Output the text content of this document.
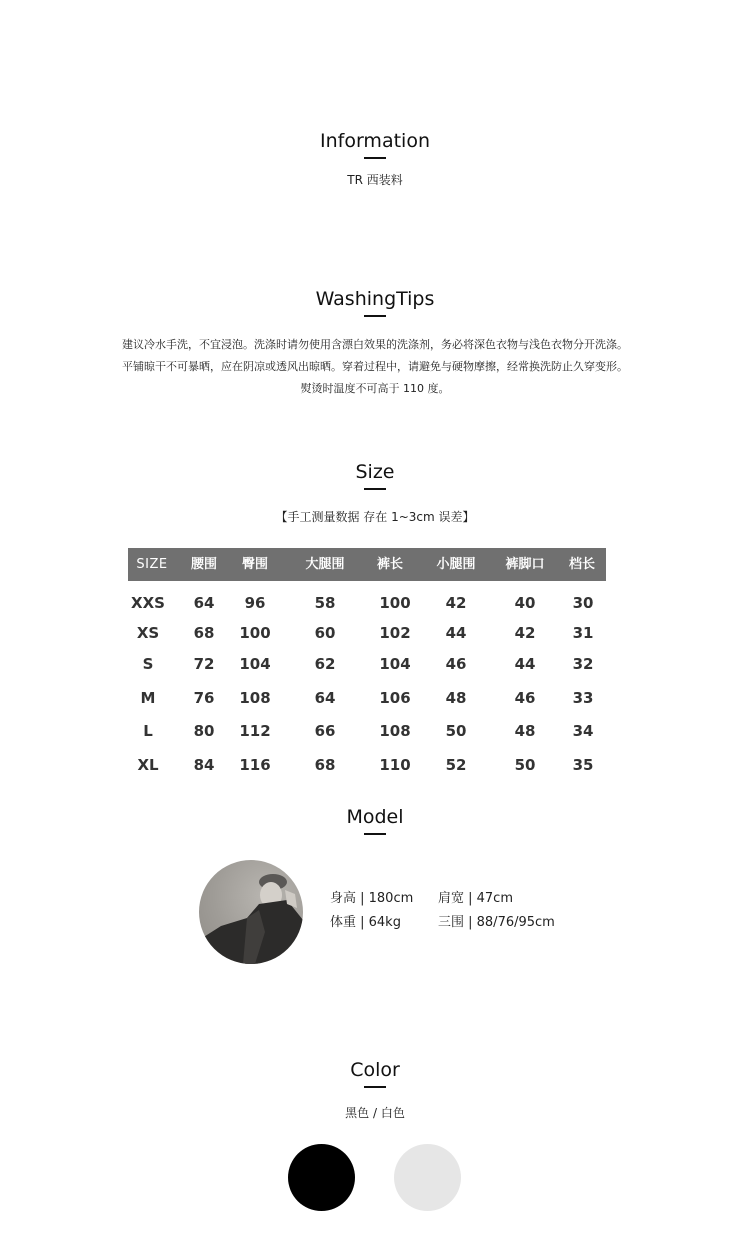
Information
TR 西装料
WashingTips
建议冷水手洗，不宜浸泡。洗涤时请勿使用含漂白效果的洗涤剂，务必将深色衣物与浅色衣物分开洗涤。
平铺晾干不可暴晒，应在阴凉或透风出晾晒。穿着过程中，请避免与硬物摩擦，经常换洗防止久穿变形。
熨烫时温度不可高于 110 度。
Size
【手工测量数据 存在 1~3cm 误差】
SIZE 腰围 臀围	大腿围 裤长	小腿围 裤脚口 档长
XXS 64 96	58	100 42	40 30
XS 68 100	60	102 44	42 31
S	72 104	62	104 46	44 32
M	76 108	64	106 48	46 33
L	80 112	66	108 50	48 34
XL 84 116	68	110 52	50 35
Model
身高 | 180cm 肩宽 | 47cm
体重 | 64kg	三围 | 88/76/95cm
Color
黑色 / 白色
